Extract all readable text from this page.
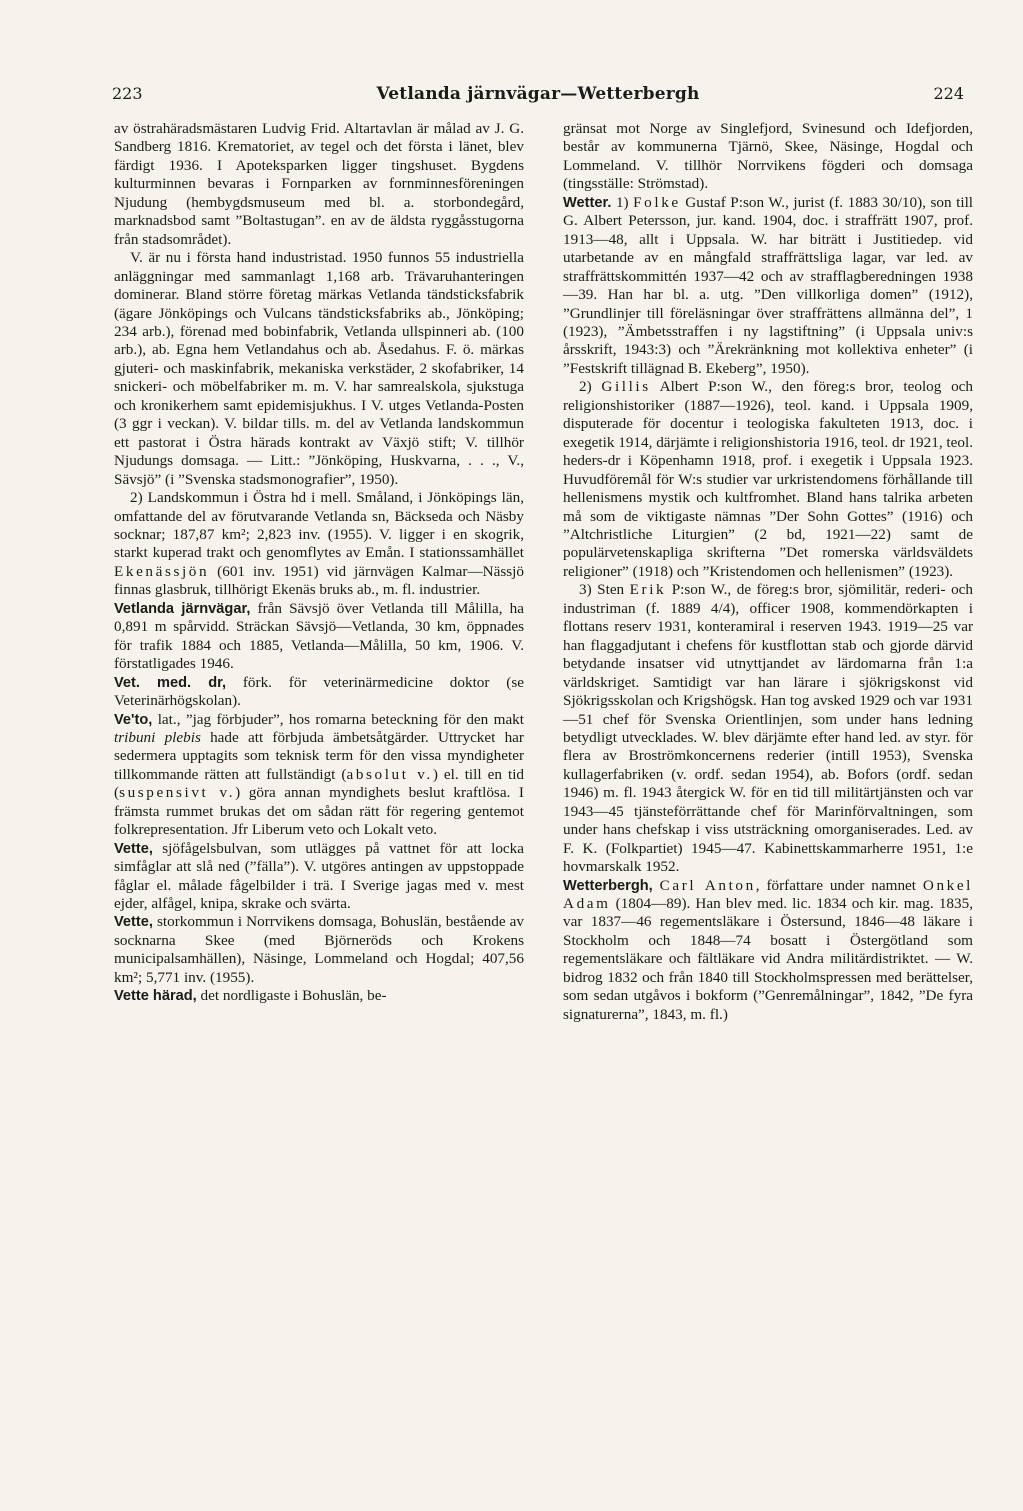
223	Vetlanda järnvägar—Wetterbergh	224

av östrahäradsmästaren Ludvig Frid. Altartavlan är målad av J. G. Sandberg 1816. Krematoriet, av tegel och det första i länet, blev färdigt 1936. I Apoteksparken ligger tingshuset. Bygdens kulturminnen bevaras i Fornparken av fornminnesföreningen Njudung (hembygdsmuseum med bl. a. storbondegård, marknadsbod samt ”Boltastugan”. en av de äldsta ryggåsstugorna från stadsområdet).

V. är nu i första hand industristad. 1950 funnos 55 industriella anläggningar med sammanlagt 1,168 arb. Trävaruhanteringen dominerar. Bland större företag märkas Vetlanda tändsticksfabrik (ägare Jönköpings och Vulcans tändsticksfabriks ab., Jönköping; 234 arb.), förenad med bobinfabrik, Vetlanda ullspinneri ab. (100 arb.), ab. Egna hem Vetlandahus och ab. Åsedahus. F. ö. märkas gjuteri- och maskinfabrik, mekaniska verkstäder, 2 skofabriker, 14 snickeri- och möbelfabriker m. m. V. har samrealskola, sjukstuga och kronikerhem samt epidemisjukhus. I V. utges Vetlanda-Posten (3 ggr i veckan). V. bildar tills. m. del av Vetlanda landskommun ett pastorat i Östra härads kontrakt av Växjö stift; V. tillhör Njudungs domsaga. — Litt.: ”Jönköping, Huskvarna, . . ., V., Sävsjö” (i ”Svenska stadsmonografier”, 1950).

2) Landskommun i Östra hd i mell. Småland, i Jönköpings län, omfattande del av förutvarande Vetlanda sn, Bäckseda och Näsby socknar; 187,87 km²; 2,823 inv. (1955). V. ligger i en skogrik, starkt kuperad trakt och genomflytes av Emån. I stationssamhället Ekenässjön (601 inv. 1951) vid järnvägen Kalmar—Nässjö finnas glasbruk, tillhörigt Ekenäs bruks ab., m. fl. industrier.

Vetlanda järnvägar, från Sävsjö över Vetlanda till Målilla, ha 0,891 m spårvidd. Sträckan Sävsjö—Vetlanda, 30 km, öppnades för trafik 1884 och 1885, Vetlanda—Målilla, 50 km, 1906. V. förstatligades 1946.

Vet. med. dr, förk. för veterinärmedicine doktor (se Veterinärhögskolan).

Ve'to, lat., ”jag förbjuder”, hos romarna beteckning för den makt tribuni plebis hade att förbjuda ämbetsåtgärder. Uttrycket har sedermera upptagits som teknisk term för den vissa myndigheter tillkommande rätten att fullständigt (absolut v.) el. till en tid (suspensivt v.) göra annan myndighets beslut kraftlösa. I främsta rummet brukas det om sådan rätt för regering gentemot folkrepresentation. Jfr Liberum veto och Lokalt veto.

Vette, sjöfågelsbulvan, som utlägges på vattnet för att locka simfåglar att slå ned (”fälla”). V. utgöres antingen av uppstoppade fåglar el. målade fågelbilder i trä. I Sverige jagas med v. mest ejder, alfågel, knipa, skrake och svärta.

Vette, storkommun i Norrvikens domsaga, Bohuslän, bestående av socknarna Skee (med Björneröds och Krokens municipalsamhällen), Näsinge, Lommeland och Hogdal; 407,56 km²; 5,771 inv. (1955).

Vette härad, det nordligaste i Bohuslän, be-

gränsat mot Norge av Singlefjord, Svinesund och Idefjorden, består av kommunerna Tjärnö, Skee, Näsinge, Hogdal och Lommeland. V. tillhör Norrvikens fögderi och domsaga (tingsställe: Strömstad).

Wetter. 1) Folke Gustaf P:son W., jurist (f. 1883 30/10), son till G. Albert Petersson, jur. kand. 1904, doc. i straffrätt 1907, prof. 1913—48, allt i Uppsala. W. har biträtt i Justitiedep. vid utarbetande av en mångfald straffrättsliga lagar, var led. av straffrättskommittén 1937—42 och av strafflagberedningen 1938—39. Han har bl. a. utg. ”Den villkorliga domen” (1912), ”Grundlinjer till föreläsningar över straffrättens allmänna del”, 1 (1923), ”Ämbetsstraffen i ny lagstiftning” (i Uppsala univ:s årsskrift, 1943:3) och ”Ärekränkning mot kollektiva enheter” (i ”Festskrift tillägnad B. Ekeberg”, 1950).

2) Gillis Albert P:son W., den föreg:s bror, teolog och religionshistoriker (1887—1926), teol. kand. i Uppsala 1909, disputerade för docentur i teologiska fakulteten 1913, doc. i exegetik 1914, därjämte i religionshistoria 1916, teol. dr 1921, teol. heders-dr i Köpenhamn 1918, prof. i exegetik i Uppsala 1923. Huvudföremål för W:s studier var urkristendomens förhållande till hellenismens mystik och kultfromhet. Bland hans talrika arbeten må som de viktigaste nämnas ”Der Sohn Gottes” (1916) och ”Altchristliche Liturgien” (2 bd, 1921—22) samt de populärvetenskapliga skrifterna ”Det romerska världsväldets religioner” (1918) och ”Kristendomen och hellenismen” (1923).

3) Sten Erik P:son W., de föreg:s bror, sjömilitär, rederi- och industriman (f. 1889 4/4), officer 1908, kommendörkapten i flottans reserv 1931, konteramiral i reserven 1943. 1919—25 var han flaggadjutant i chefens för kustflottan stab och gjorde därvid betydande insatser vid utnyttjandet av lärdomarna från 1:a världskriget. Samtidigt var han lärare i sjökrigskonst vid Sjökrigsskolan och Krigshögsk. Han tog avsked 1929 och var 1931—51 chef för Svenska Orientlinjen, som under hans ledning betydligt utvecklades. W. blev därjämte efter hand led. av styr. för flera av Broströmkoncernens rederier (intill 1953), Svenska kullagerfabriken (v. ordf. sedan 1954), ab. Bofors (ordf. sedan 1946) m. fl. 1943 återgick W. för en tid till militärtjänsten och var 1943—45 tjänsteförrättande chef för Marinförvaltningen, som under hans chefskap i viss utsträckning omorganiserades. Led. av F. K. (Folkpartiet) 1945—47. Kabinettskammarherre 1951, 1:e hovmarskalk 1952.

Wetterbergh, Carl Anton, författare under namnet Onkel Adam (1804—89). Han blev med. lic. 1834 och kir. mag. 1835, var 1837—46 regementsläkare i Östersund, 1846—48 läkare i Stockholm och 1848—74 bosatt i Östergötland som regementsläkare och fältläkare vid Andra militärdistriktet. — W. bidrog 1832 och från 1840 till Stockholmspressen med berättelser, som sedan utgåvos i bokform (”Genremålningar”, 1842, ”De fyra signaturerna”, 1843, m. fl.)
